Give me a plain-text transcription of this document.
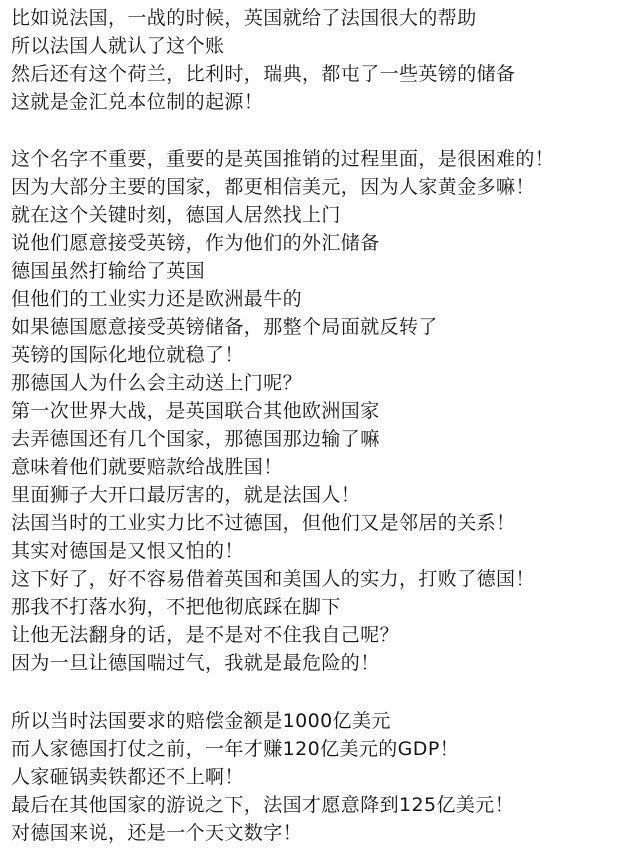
比如说法国，一战的时候，英国就给了法国很大的帮助
所以法国人就认了这个账
然后还有这个荷兰，比利时，瑞典，都屯了一些英镑的储备
这就是金汇兑本位制的起源！
这个名字不重要，重要的是英国推销的过程里面，是很困难的！
因为大部分主要的国家，都更相信美元，因为人家黄金多嘛！
就在这个关键时刻，德国人居然找上门
说他们愿意接受英镑，作为他们的外汇储备
德国虽然打输给了英国
但他们的工业实力还是欧洲最牛的
如果德国愿意接受英镑储备，那整个局面就反转了
英镑的国际化地位就稳了！
那德国人为什么会主动送上门呢？
第一次世界大战，是英国联合其他欧洲国家
去弄德国还有几个国家，那德国那边输了嘛
意味着他们就要赔款给战胜国！
里面狮子大开口最厉害的，就是法国人！
法国当时的工业实力比不过德国，但他们又是邻居的关系！
其实对德国是又恨又怕的！
这下好了，好不容易借着英国和美国人的实力，打败了德国！
那我不打落水狗，不把他彻底踩在脚下
让他无法翻身的话，是不是对不住我自己呢？
因为一旦让德国喘过气，我就是最危险的！
所以当时法国要求的赔偿金额是1000亿美元
而人家德国打仗之前，一年才赚120亿美元的GDP！
人家砸锅卖铁都还不上啊！
最后在其他国家的游说之下，法国才愿意降到125亿美元！
对德国来说，还是一个天文数字！
